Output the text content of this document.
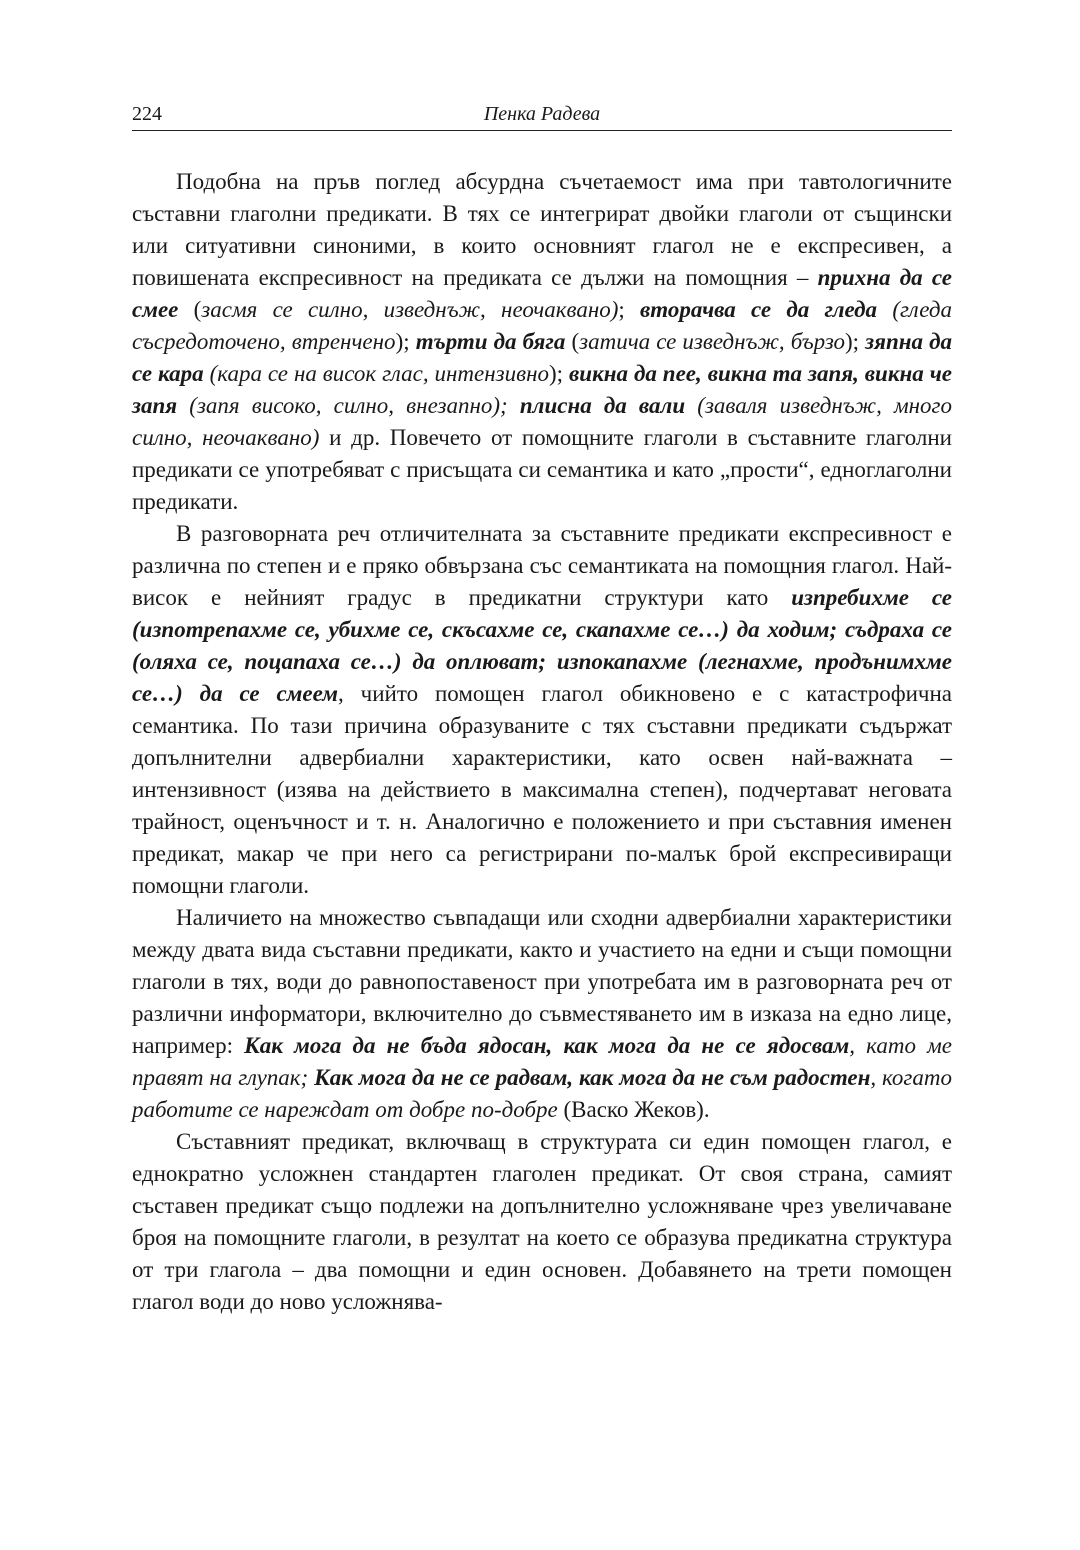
224	Пенка Радева

Подобна на пръв поглед абсурдна съчетаемост има при тавтологичните съставни глаголни предикати. В тях се интегрират двойки глаголи от същински или ситуативни синоними, в които основният глагол не е експресивен, а повишената експресивност на предиката се дължи на помощния – прихна да се смее (засмя се силно, изведнъж, неочаквано); вторачва се да гледа (гледа съсредоточено, втренчено); търти да бяга (затича се изведнъж, бързо); зяпна да се кара (кара се на висок глас, интензивно); викна да пее, викна та запя, викна че запя (запя високо, силно, внезапно); плисна да вали (заваля изведнъж, много силно, неочаквано) и др. Повечето от помощните глаголи в съставните глаголни предикати се употребяват с присъщата си семантика и като „прости“, едноглаголни предикати.

В разговорната реч отличителната за съставните предикати експресивност е различна по степен и е пряко обвързана със семантиката на помощния глагол. Най-висок е нейният градус в предикатни структури като изпребихме се (изпотрепахме се, убихме се, скъсахме се, скапахме се…) да ходим; съдраха се (оляха се, поцапаха се…) да оплюват; изпокапахме (легнахме, продънимхме се…) да се смеем, чийто помощен глагол обикновено е с катастрофична семантика. По тази причина образуваните с тях съставни предикати съдържат допълнителни адвербиални характеристики, като освен най-важната – интензивност (изява на действието в максимална степен), подчертават неговата трайност, оценъчност и т. н. Аналогично е положението и при съставния именен предикат, макар че при него са регистрирани по-малък брой експресивиращи помощни глаголи.

Наличието на множество съвпадащи или сходни адвербиални характеристики между двата вида съставни предикати, както и участието на едни и същи помощни глаголи в тях, води до равнопоставеност при употребата им в разговорната реч от различни информатори, включително до съвместяването им в изказа на едно лице, например: Как мога да не бъда ядосан, как мога да не се ядосвам, като ме правят на глупак; Как мога да не се радвам, как мога да не съм радостен, когато работите се нареждат от добре по-добре (Васко Жеков).

Съставният предикат, включващ в структурата си един помощен глагол, е еднократно усложнен стандартен глаголен предикат. От своя страна, самият съставен предикат също подлежи на допълнително усложняване чрез увеличаване броя на помощните глаголи, в резултат на което се образува предикатна структура от три глагола – два помощни и един основен. Добавянето на трети помощен глагол води до ново усложнява-
